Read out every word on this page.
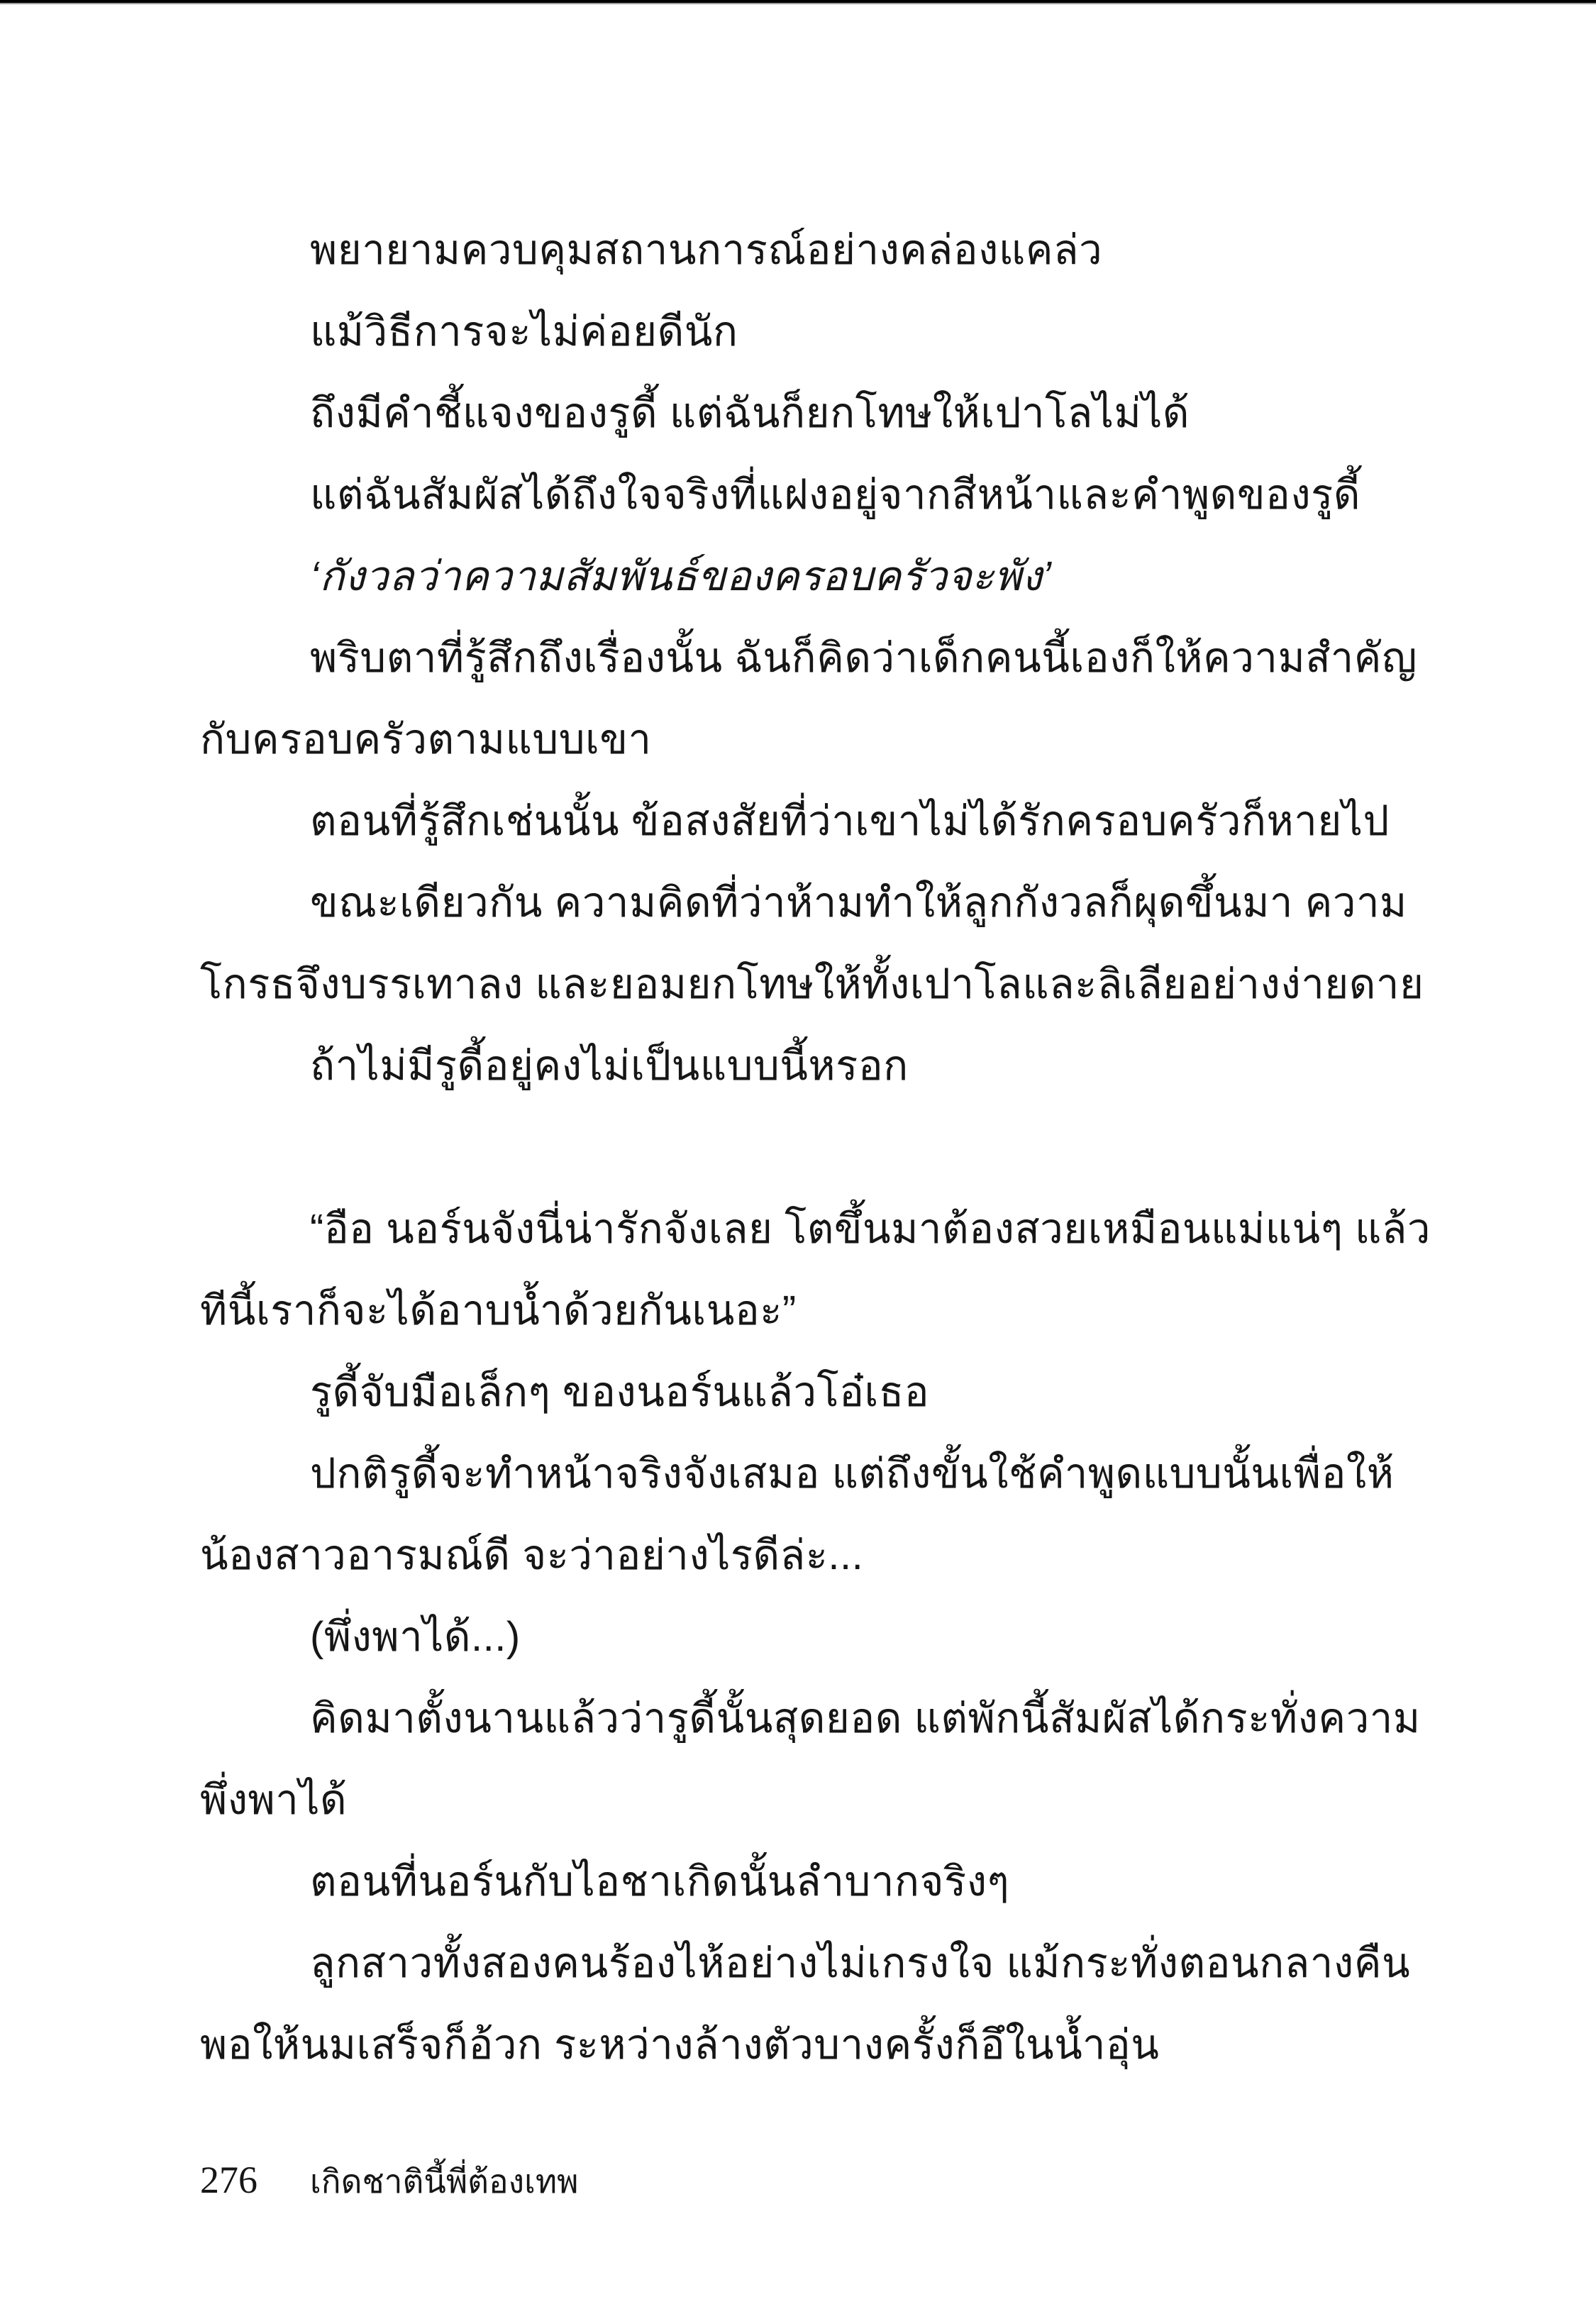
พยายามควบคุมสถานการณ์อย่างคล่องแคล่ว
แม้วิธีการจะไม่ค่อยดีนัก
ถึงมีคำชี้แจงของรูดี้ แต่ฉันก็ยกโทษให้เปาโลไม่ได้
แต่ฉันสัมผัสได้ถึงใจจริงที่แฝงอยู่จากสีหน้าและคำพูดของรูดี้
‘กังวลว่าความสัมพันธ์ของครอบครัวจะพัง’
พริบตาที่รู้สึกถึงเรื่องนั้น ฉันก็คิดว่าเด็กคนนี้เองก็ให้ความสำคัญ
กับครอบครัวตามแบบเขา
ตอนที่รู้สึกเช่นนั้น ข้อสงสัยที่ว่าเขาไม่ได้รักครอบครัวก็หายไป
ขณะเดียวกัน ความคิดที่ว่าห้ามทำให้ลูกกังวลก็ผุดขึ้นมา ความ
โกรธจึงบรรเทาลง และยอมยกโทษให้ทั้งเปาโลและลิเลียอย่างง่ายดาย
ถ้าไม่มีรูดี้อยู่คงไม่เป็นแบบนี้หรอก
“อือ นอร์นจังนี่น่ารักจังเลย โตขึ้นมาต้องสวยเหมือนแม่แน่ๆ แล้ว
ทีนี้เราก็จะได้อาบน้ำด้วยกันเนอะ”
รูดี้จับมือเล็กๆ ของนอร์นแล้วโอ๋เธอ
ปกติรูดี้จะทำหน้าจริงจังเสมอ แต่ถึงขั้นใช้คำพูดแบบนั้นเพื่อให้
น้องสาวอารมณ์ดี จะว่าอย่างไรดีล่ะ...
(พึ่งพาได้...)
คิดมาตั้งนานแล้วว่ารูดี้นั้นสุดยอด แต่พักนี้สัมผัสได้กระทั่งความ
พึ่งพาได้
ตอนที่นอร์นกับไอชาเกิดนั้นลำบากจริงๆ
ลูกสาวทั้งสองคนร้องไห้อย่างไม่เกรงใจ แม้กระทั่งตอนกลางคืน
พอให้นมเสร็จก็อ้วก ระหว่างล้างตัวบางครั้งก็อึในน้ำอุ่น
276 เกิดชาตินี้พี่ต้องเทพ
